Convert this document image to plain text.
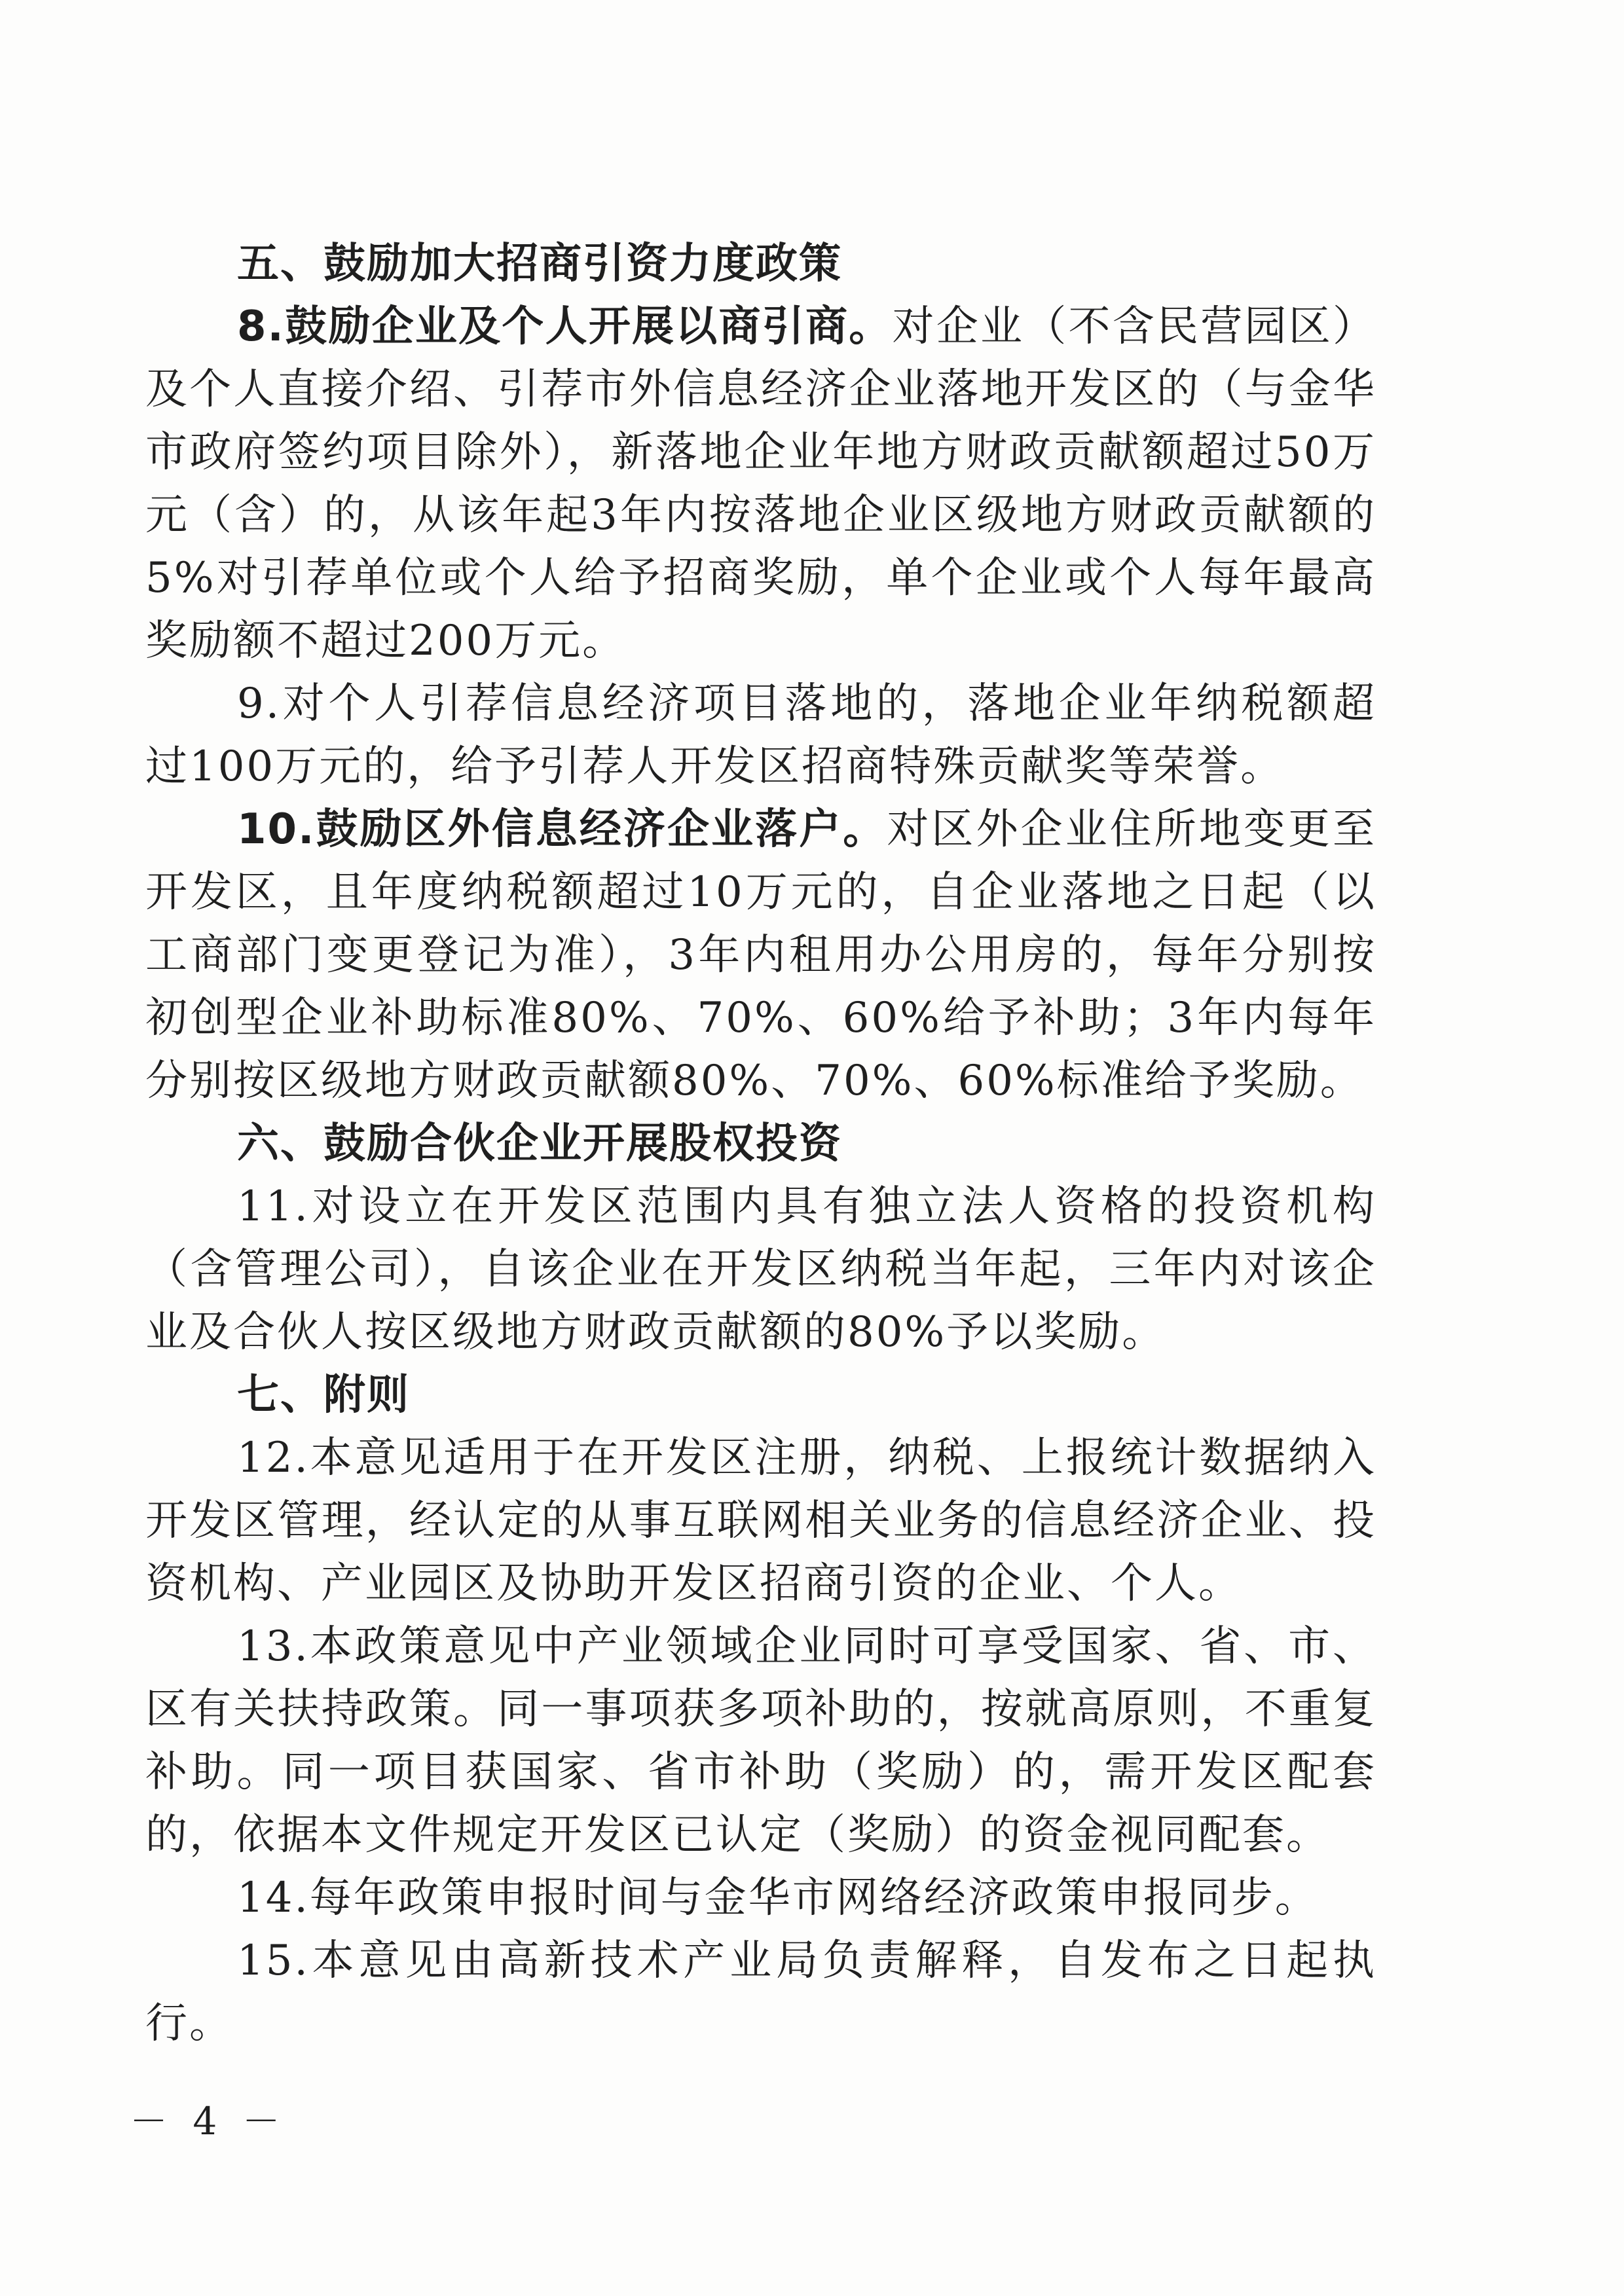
五、鼓励加大招商引资力度政策

8.鼓励企业及个人开展以商引商。对企业（不含民营园区）及个人直接介绍、引荐市外信息经济企业落地开发区的（与金华市政府签约项目除外），新落地企业年地方财政贡献额超过50万元（含）的，从该年起3年内按落地企业区级地方财政贡献额的5%对引荐单位或个人给予招商奖励，单个企业或个人每年最高奖励额不超过200万元。

9.对个人引荐信息经济项目落地的，落地企业年纳税额超过100万元的，给予引荐人开发区招商特殊贡献奖等荣誉。

10.鼓励区外信息经济企业落户。对区外企业住所地变更至开发区，且年度纳税额超过10万元的，自企业落地之日起（以工商部门变更登记为准），3年内租用办公用房的，每年分别按初创型企业补助标准80%、70%、60%给予补助；3年内每年分别按区级地方财政贡献额80%、70%、60%标准给予奖励。

六、鼓励合伙企业开展股权投资

11.对设立在开发区范围内具有独立法人资格的投资机构（含管理公司），自该企业在开发区纳税当年起，三年内对该企业及合伙人按区级地方财政贡献额的80%予以奖励。

七、附则

12.本意见适用于在开发区注册，纳税、上报统计数据纳入开发区管理，经认定的从事互联网相关业务的信息经济企业、投资机构、产业园区及协助开发区招商引资的企业、个人。

13.本政策意见中产业领域企业同时可享受国家、省、市、区有关扶持政策。同一事项获多项补助的，按就高原则，不重复补助。同一项目获国家、省市补助（奖励）的，需开发区配套的，依据本文件规定开发区已认定（奖励）的资金视同配套。

14.每年政策申报时间与金华市网络经济政策申报同步。

15.本意见由高新技术产业局负责解释，自发布之日起执行。

－ 4 －
